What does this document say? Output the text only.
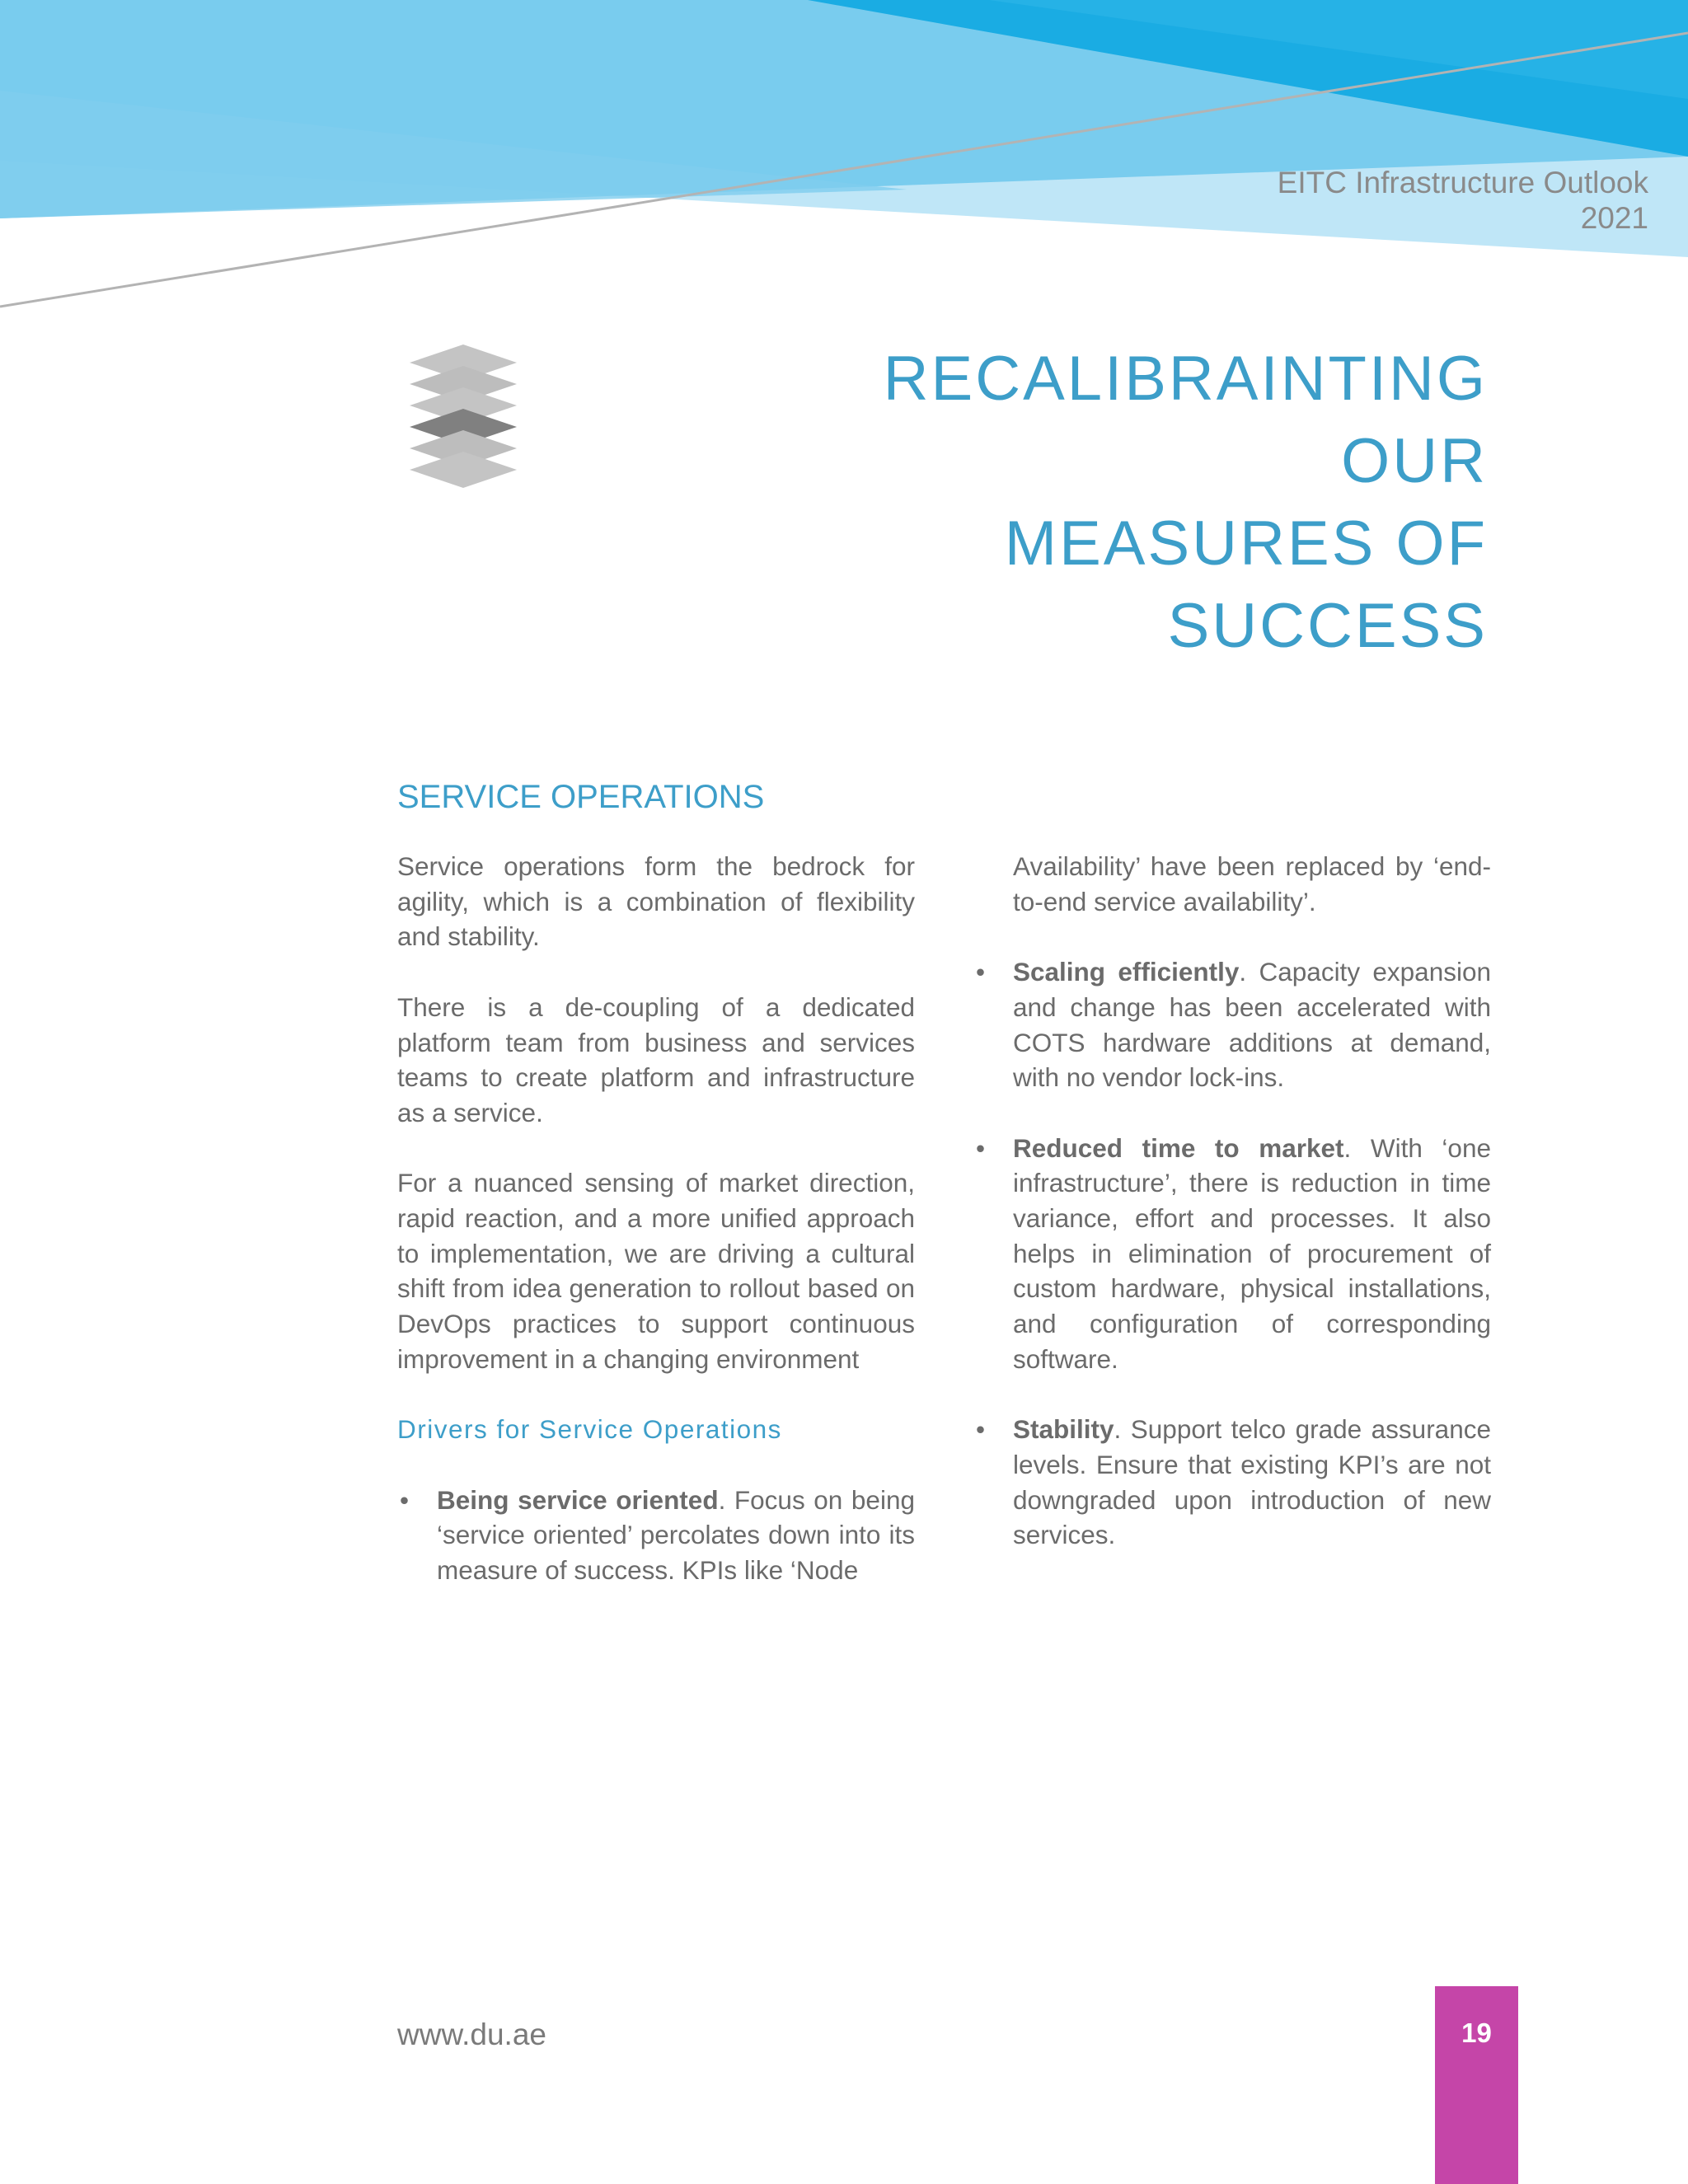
EITC Infrastructure Outlook
2021
RECALIBRAINTING OUR
MEASURES OF SUCCESS
SERVICE OPERATIONS

Service operations form the bedrock for agility, which is a combination of flexibility and stability.

There is a de-coupling of a dedicated platform team from business and services teams to create platform and infrastructure as a service.

For a nuanced sensing of market direction, rapid reaction, and a more unified approach to implementation, we are driving a cultural shift from idea generation to rollout based on DevOps practices to support continuous improvement in a changing environment

Drivers for Service Operations
• Being service oriented. Focus on being ‘service oriented’ percolates down into its measure of success. KPIs like ‘Node

Availability’ have been replaced by ‘end-to-end service availability’.

• Scaling efficiently. Capacity expansion and change has been accelerated with COTS hardware additions at demand, with no vendor lock-ins.
• Reduced time to market. With ‘one infrastructure’, there is reduction in time variance, effort and processes. It also helps in elimination of procurement of custom hardware, physical installations, and configuration of corresponding software.
• Stability. Support telco grade assurance levels. Ensure that existing KPI’s are not downgraded upon introduction of new services.
www.du.ae	19
